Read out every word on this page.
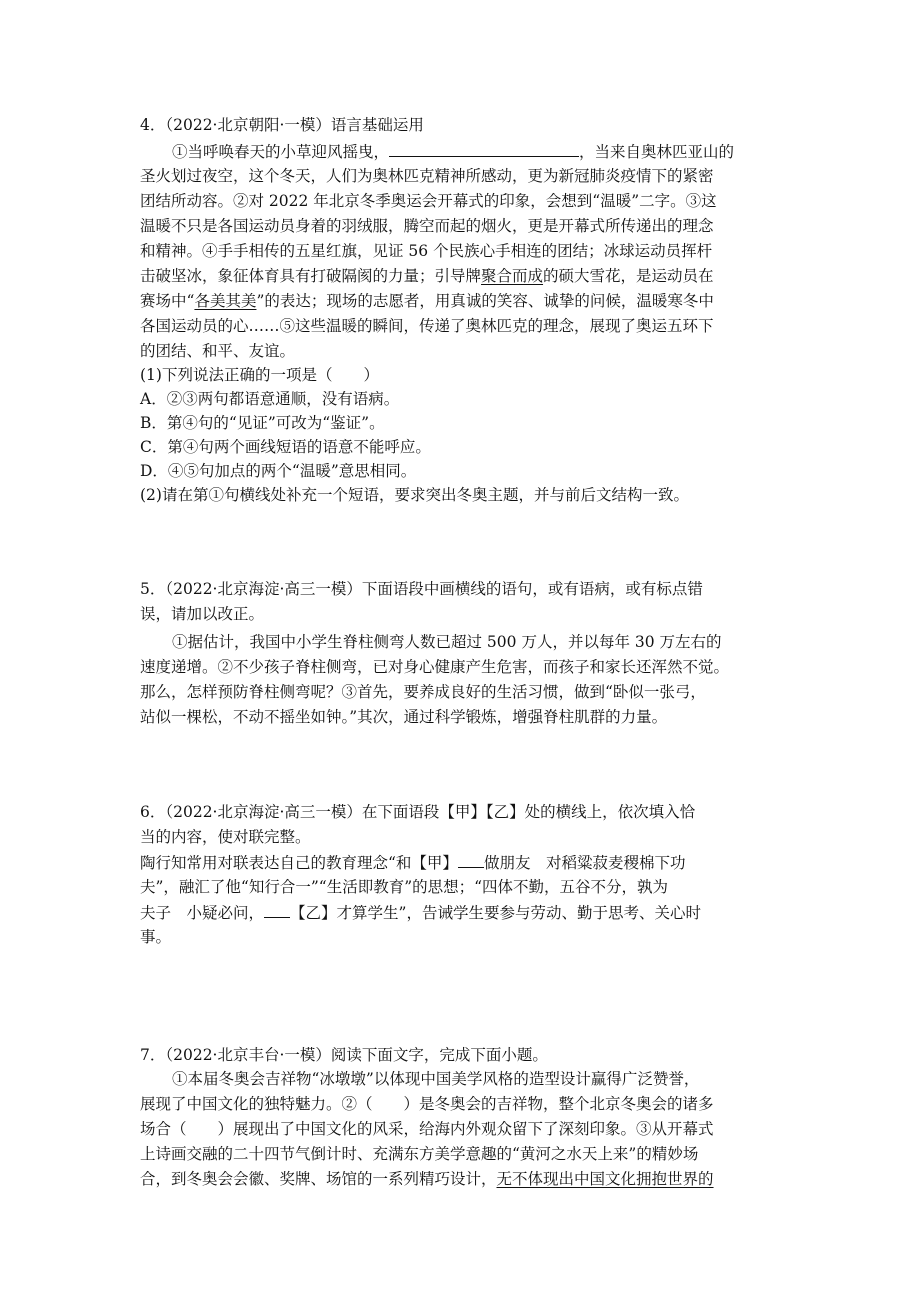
4．（2022·北京朝阳·一模）语言基础运用
①当呼唤春天的小草迎风摇曳，	，当来自奥林匹亚山的
圣火划过夜空，这个冬天，人们为奥林匹克精神所感动，更为新冠肺炎疫情下的紧密
团结所动容。②对 2022 年北京冬季奥运会开幕式的印象，会想到“温暖”二字。③这
温暖不只是各国运动员身着的羽绒服，腾空而起的烟火，更是开幕式所传递出的理念
和精神。④手手相传的五星红旗，见证 56 个民族心手相连的团结；冰球运动员挥杆
击破坚冰，象征体育具有打破隔阂的力量；引导牌聚合而成的硕大雪花，是运动员在
赛场中“各美其美”的表达；现场的志愿者，用真诚的笑容、诚挚的问候，温暖寒冬中
各国运动员的心……⑤这些温暖的瞬间，传递了奥林匹克的理念，展现了奥运五环下
的团结、和平、友谊。
(1)下列说法正确的一项是（　　）
A．②③两句都语意通顺，没有语病。
B．第④句的“见证”可改为“鉴证”。
C．第④句两个画线短语的语意不能呼应。
D．④⑤句加点的两个“温暖”意思相同。
(2)请在第①句横线处补充一个短语，要求突出冬奥主题，并与前后文结构一致。
5．（2022·北京海淀·高三一模）下面语段中画横线的语句，或有语病，或有标点错
误，请加以改正。
①据估计，我国中小学生脊柱侧弯人数已超过 500 万人，并以每年 30 万左右的
速度递增。②不少孩子脊柱侧弯，已对身心健康产生危害，而孩子和家长还浑然不觉。
那么，怎样预防脊柱侧弯呢？③首先，要养成良好的生活习惯，做到“卧似一张弓，
站似一棵松，不动不摇坐如钟。”其次，通过科学锻炼，增强脊柱肌群的力量。
6．（2022·北京海淀·高三一模）在下面语段【甲】【乙】处的横线上，依次填入恰
当的内容，使对联完整。
陶行知常用对联表达自己的教育理念“和【甲】 做朋友　对稻粱菽麦稷棉下功
夫”，融汇了他“知行合一”“生活即教育”的思想；“四体不勤，五谷不分，孰为
夫子　小疑必问， 【乙】才算学生”，告诫学生要参与劳动、勤于思考、关心时
事。
7．（2022·北京丰台·一模）阅读下面文字，完成下面小题。
①本届冬奥会吉祥物“冰墩墩”以体现中国美学风格的造型设计赢得广泛赞誉，
展现了中国文化的独特魅力。②（　　）是冬奥会的吉祥物，整个北京冬奥会的诸多
场合（　　）展现出了中国文化的风采，给海内外观众留下了深刻印象。③从开幕式
上诗画交融的二十四节气倒计时、充满东方美学意趣的“黄河之水天上来”的精妙场
合，到冬奥会会徽、奖牌、场馆的一系列精巧设计，无不体现出中国文化拥抱世界的
